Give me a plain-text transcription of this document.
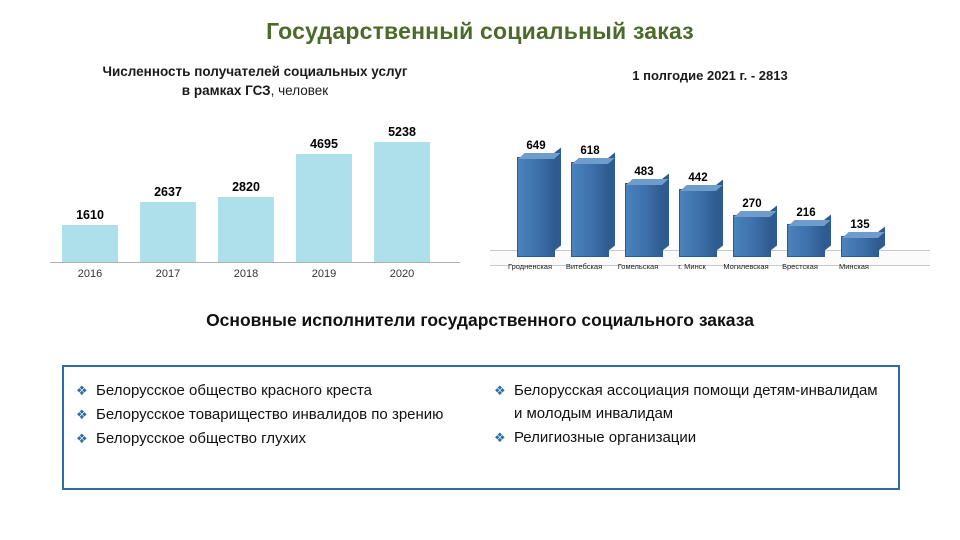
Государственный социальный заказ
Численность получателей социальных услуг
в рамках ГСЗ, человек
1610
2637	2820
4695
5238
2016	2017	2018	2019	2020
1 полгодие 2021 г. - 2813
649	618
483	442
270
216
135
Гродненская	Витебская	Гомельская	г. Минск	Могилевская	Брестская	Минская
Основные исполнители государственного социального заказа
❖ Белорусское общество красного креста
❖ Белорусское товарищество инвалидов по зрению
❖ Белорусское общество глухих
❖ Белорусская ассоциация помощи детям-инвалидам и молодым инвалидам
❖ Религиозные организации
